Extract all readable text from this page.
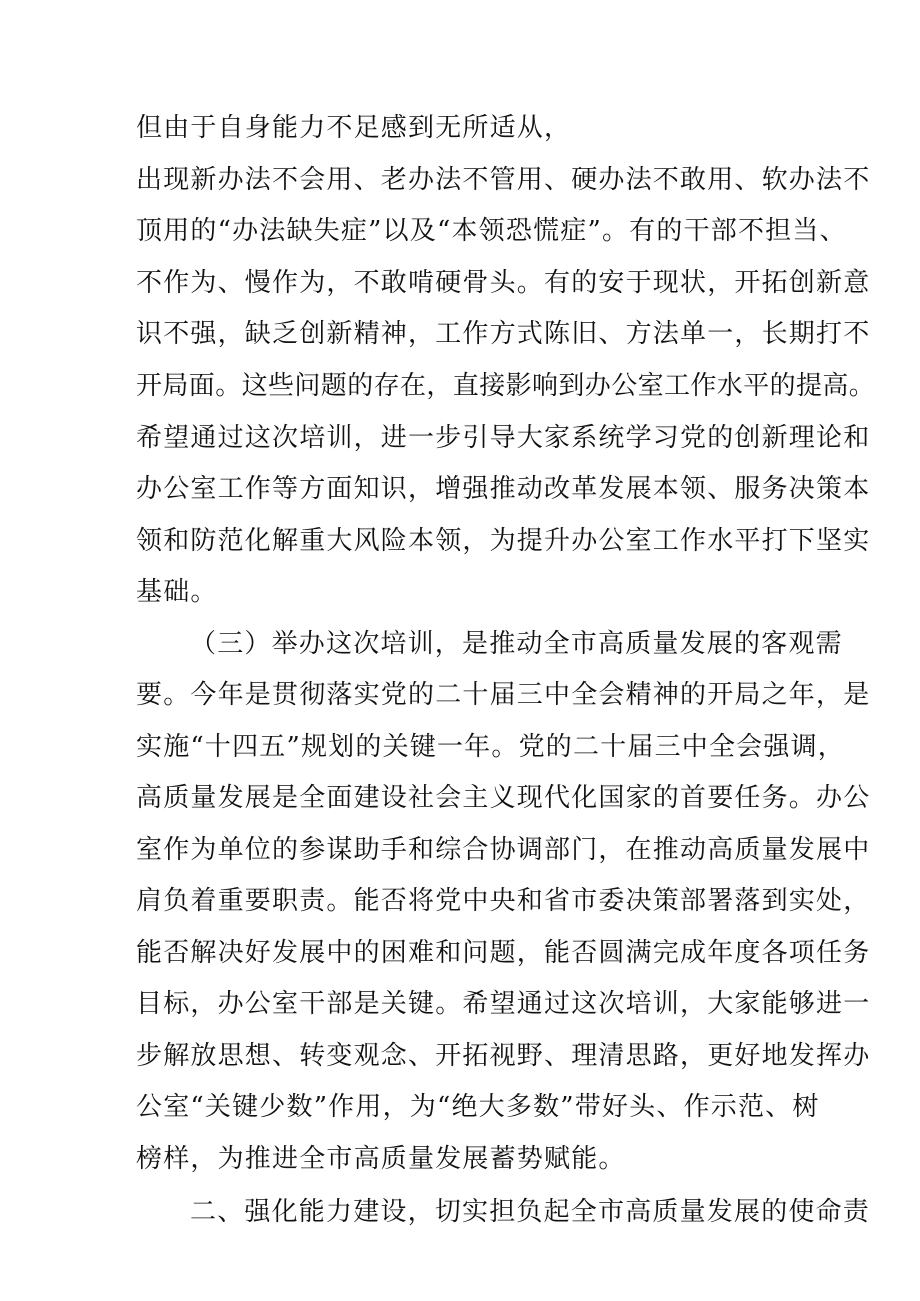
但由于自身能力不足感到无所适从，
出现新办法不会用、老办法不管用、硬办法不敢用、软办法不
顶用的“办法缺失症”以及“本领恐慌症”。有的干部不担当、
不作为、慢作为，不敢啃硬骨头。有的安于现状，开拓创新意
识不强，缺乏创新精神，工作方式陈旧、方法单一，长期打不
开局面。这些问题的存在，直接影响到办公室工作水平的提高。
希望通过这次培训，进一步引导大家系统学习党的创新理论和
办公室工作等方面知识，增强推动改革发展本领、服务决策本
领和防范化解重大风险本领，为提升办公室工作水平打下坚实
基础。
（三）举办这次培训，是推动全市高质量发展的客观需
要。今年是贯彻落实党的二十届三中全会精神的开局之年，是
实施“十四五”规划的关键一年。党的二十届三中全会强调，
高质量发展是全面建设社会主义现代化国家的首要任务。办公
室作为单位的参谋助手和综合协调部门，在推动高质量发展中
肩负着重要职责。能否将党中央和省市委决策部署落到实处，
能否解决好发展中的困难和问题，能否圆满完成年度各项任务
目标，办公室干部是关键。希望通过这次培训，大家能够进一
步解放思想、转变观念、开拓视野、理清思路，更好地发挥办
公室“关键少数”作用，为“绝大多数”带好头、作示范、树
榜样，为推进全市高质量发展蓄势赋能。
二、强化能力建设，切实担负起全市高质量发展的使命责
